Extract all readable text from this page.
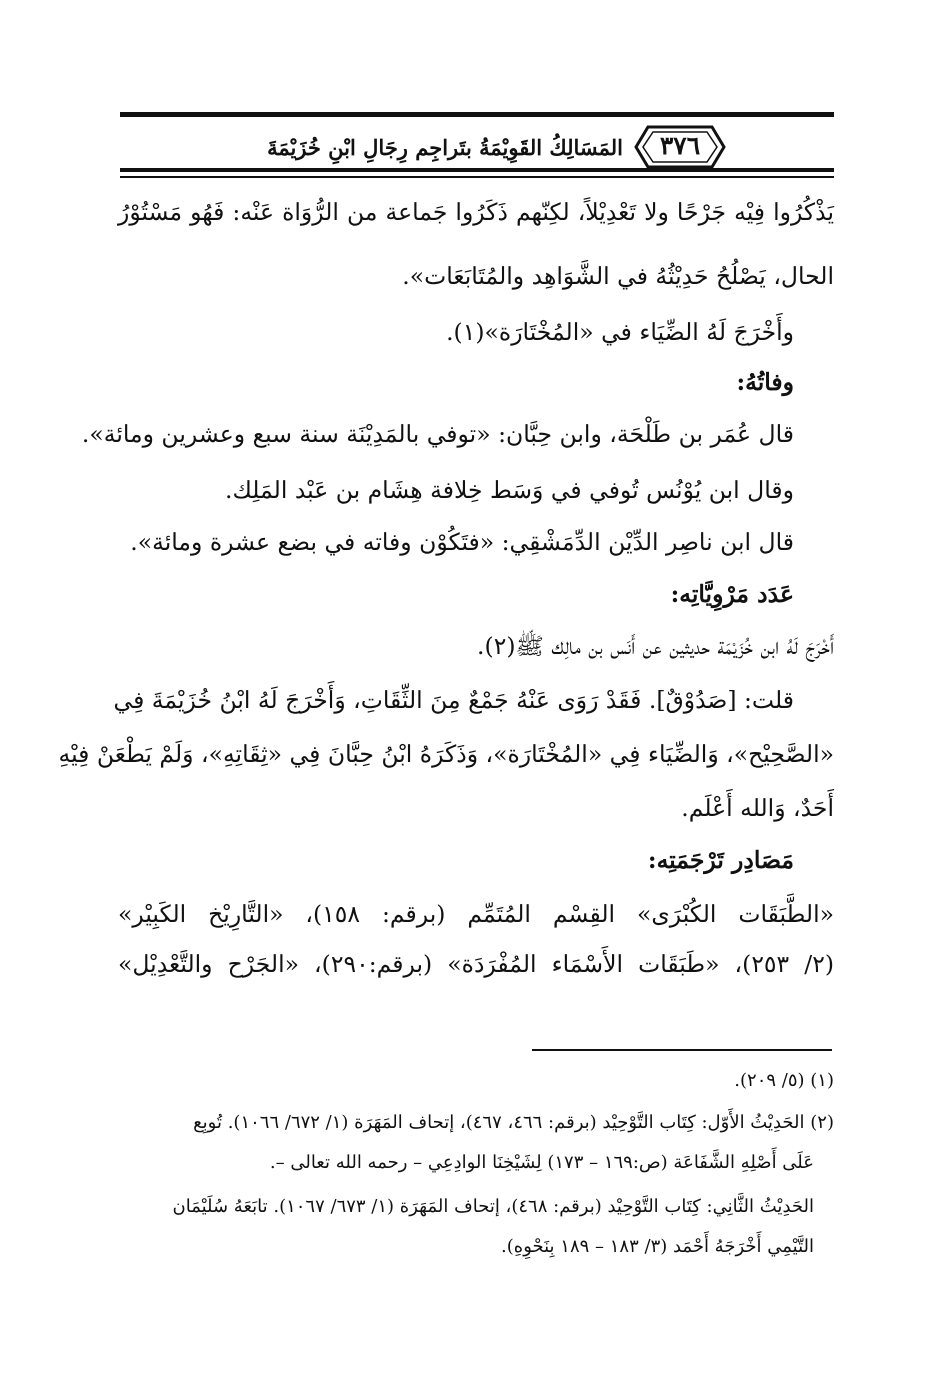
٣٧٦
المَسَالِكُ القَوِيْمَةُ بتَراجِم رِجَالِ ابْنِ خُزَيْمَةَ
يَذْكُرُوا فِيْه جَرْحًا ولا تَعْدِيْلاً، لكِنّهم ذَكَرُوا جَماعة من الرُّوَاة عَنْه: فَهُو مَسْتُوْرُ
الحال، يَصْلُحُ حَدِيْثُهُ في الشَّوَاهِد والمُتَابَعَات».
وأَخْرَجَ لَهُ الضِّيَاء في «المُخْتَارَة»(١).
وفاتُهُ:
قال عُمَر بن طَلْحَة، وابن حِبَّان: «توفي بالمَدِيْنَة سنة سبع وعشرين ومائة».
وقال ابن يُوْنُس تُوفي في وَسَط خِلافة هِشَام بن عَبْد المَلِك.
قال ابن ناصِر الدِّيْن الدِّمَشْقِي: «فتَكُوْن وفاته في بضع عشرة ومائة».
عَدَد مَرْوِيَّاتِه:
أَخْرَجَ لَهُ ابن خُزَيْمَة حديثين عن أَنَس بن مالِك ﷺ(٢).
قلت: [صَدُوْقٌ]. فَقَدْ رَوَى عَنْهُ جَمْعٌ مِنَ الثِّقَاتِ، وَأَخْرَجَ لَهُ ابْنُ خُزَيْمَةَ فِي
«الصَّحِيْح»، وَالضِّيَاء فِي «المُخْتَارَة»، وَذَكَرَهُ ابْنُ حِبَّانَ فِي «ثِقَاتِهِ»، وَلَمْ يَطْعَنْ فِيْهِ
أَحَدٌ، وَالله أَعْلَم.
مَصَادِر تَرْجَمَتِه:
«الطَّبَقَات الكُبْرَى» القِسْم المُتَمِّم (برقم: ١٥٨)، «التَّارِيْخ الكَبِيْر»
(٢/ ٢٥٣)، «طَبَقَات الأَسْمَاء المُفْرَدَة» (برقم:٢٩٠)، «الجَرْح والتَّعْدِيْل»
(١) (٥/ ٢٠٩).
(٢) الحَدِيْثُ الأَوّل: كِتَاب التَّوْحِيْد (برقم: ٤٦٦، ٤٦٧)، إتحاف المَهَرَة (١/ ٦٧٢/ ١٠٦٦). تُوبِع
عَلَى أَصْلِهِ الشَّفَاعَة (ص:١٦٩ – ١٧٣) لِشَيْخِنَا الوادِعِي – رحمه الله تعالى –.
الحَدِيْثُ الثَّانِي: كِتَاب التَّوْحِيْد (برقم: ٤٦٨)، إتحاف المَهَرَة (١/ ٦٧٣/ ١٠٦٧). تابَعَهُ سُلَيْمَان
التَّيْمِي أَخْرَجَهُ أَحْمَد (٣/ ١٨٣ – ١٨٩ بِنَحْوِهِ).
